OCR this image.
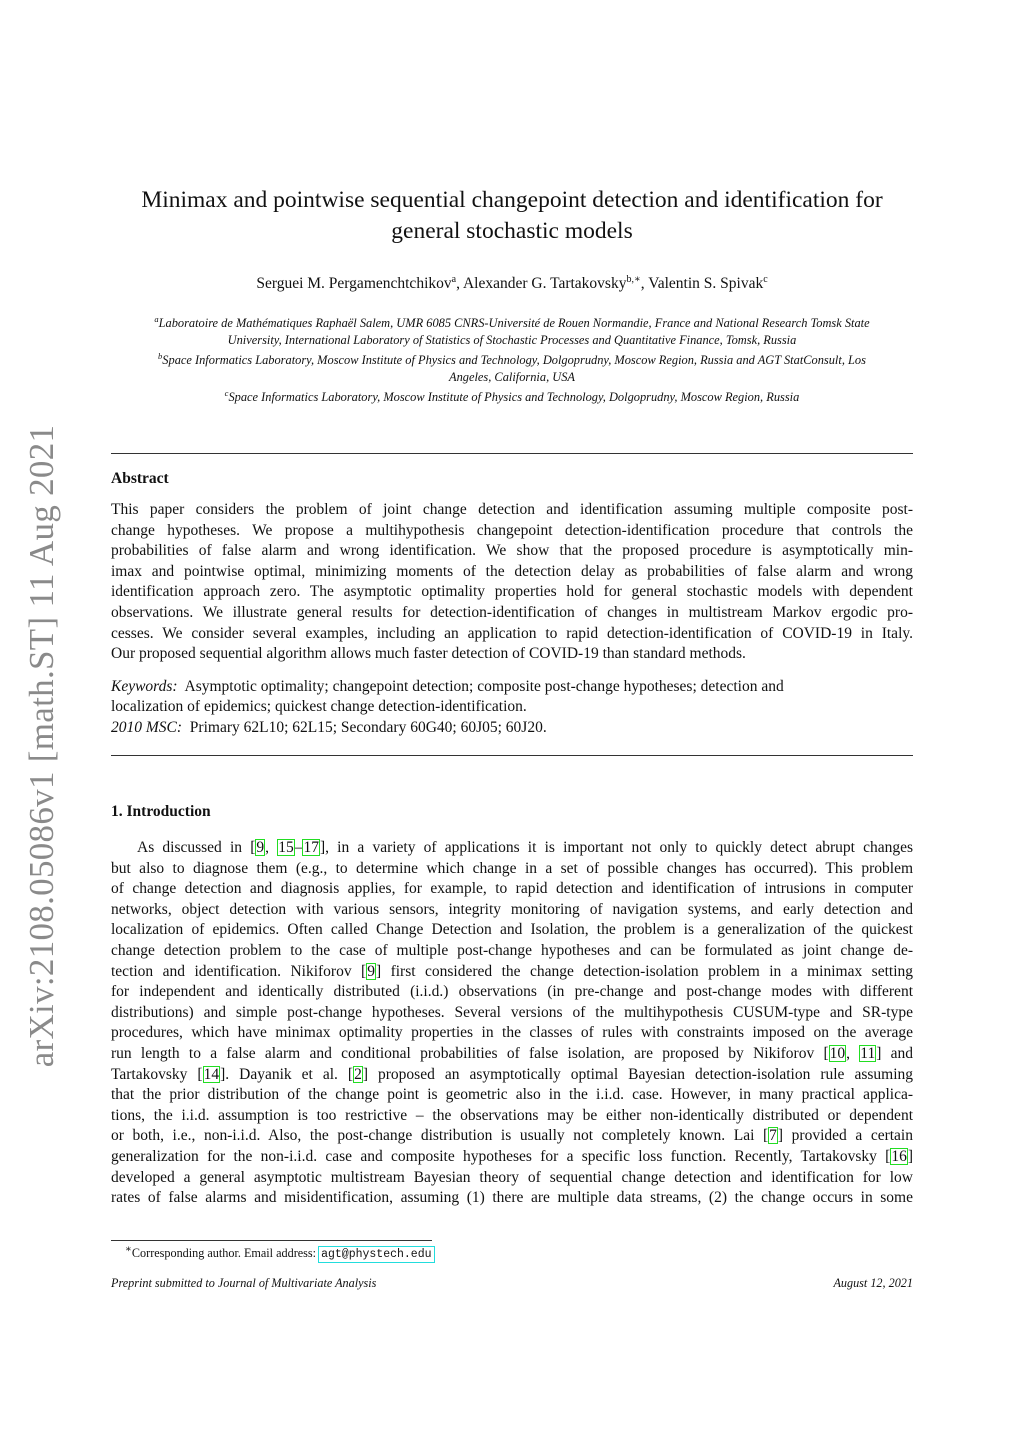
arXiv:2108.05086v1 [math.ST] 11 Aug 2021
Minimax and pointwise sequential changepoint detection and identification for
general stochastic models
Serguei M. Pergamenchtchikov$^a$, Alexander G. Tartakovsky$^{b,∗}$, Valentin S. Spivak$^c$
$^a$Laboratoire de Mathématiques Raphaël Salem, UMR 6085 CNRS-Université de Rouen Normandie, France and National Research Tomsk State
University, International Laboratory of Statistics of Stochastic Processes and Quantitative Finance, Tomsk, Russia
$^b$Space Informatics Laboratory, Moscow Institute of Physics and Technology, Dolgoprudny, Moscow Region, Russia and AGT StatConsult, Los
Angeles, California, USA
$^c$Space Informatics Laboratory, Moscow Institute of Physics and Technology, Dolgoprudny, Moscow Region, Russia
Abstract
This paper considers the problem of joint change detection and identification assuming multiple composite post-
change hypotheses. We propose a multihypothesis changepoint detection-identification procedure that controls the
probabilities of false alarm and wrong identification. We show that the proposed procedure is asymptotically min-
imax and pointwise optimal, minimizing moments of the detection delay as probabilities of false alarm and wrong
identification approach zero. The asymptotic optimality properties hold for general stochastic models with dependent
observations. We illustrate general results for detection-identification of changes in multistream Markov ergodic pro-
cesses. We consider several examples, including an application to rapid detection-identification of COVID-19 in Italy.
Our proposed sequential algorithm allows much faster detection of COVID-19 than standard methods.
Keywords: Asymptotic optimality; changepoint detection; composite post-change hypotheses; detection and
localization of epidemics; quickest change detection-identification.
2010 MSC: Primary 62L10; 62L15; Secondary 60G40; 60J05; 60J20.
1. Introduction
As discussed in [9, 15–17], in a variety of applications it is important not only to quickly detect abrupt changes
but also to diagnose them (e.g., to determine which change in a set of possible changes has occurred). This problem
of change detection and diagnosis applies, for example, to rapid detection and identification of intrusions in computer
networks, object detection with various sensors, integrity monitoring of navigation systems, and early detection and
localization of epidemics. Often called Change Detection and Isolation, the problem is a generalization of the quickest
change detection problem to the case of multiple post-change hypotheses and can be formulated as joint change de-
tection and identification. Nikiforov [9] first considered the change detection-isolation problem in a minimax setting
for independent and identically distributed (i.i.d.) observations (in pre-change and post-change modes with different
distributions) and simple post-change hypotheses. Several versions of the multihypothesis CUSUM-type and SR-type
procedures, which have minimax optimality properties in the classes of rules with constraints imposed on the average
run length to a false alarm and conditional probabilities of false isolation, are proposed by Nikiforov [10, 11] and
Tartakovsky [14]. Dayanik et al. [2] proposed an asymptotically optimal Bayesian detection-isolation rule assuming
that the prior distribution of the change point is geometric also in the i.i.d. case. However, in many practical applica-
tions, the i.i.d. assumption is too restrictive – the observations may be either non-identically distributed or dependent
or both, i.e., non-i.i.d. Also, the post-change distribution is usually not completely known. Lai [7] provided a certain
generalization for the non-i.i.d. case and composite hypotheses for a specific loss function. Recently, Tartakovsky [16]
developed a general asymptotic multistream Bayesian theory of sequential change detection and identification for low
rates of false alarms and misidentification, assuming (1) there are multiple data streams, (2) the change occurs in some
∗Corresponding author. Email address: agt@phystech.edu
Preprint submitted to Journal of Multivariate Analysis	August 12, 2021
